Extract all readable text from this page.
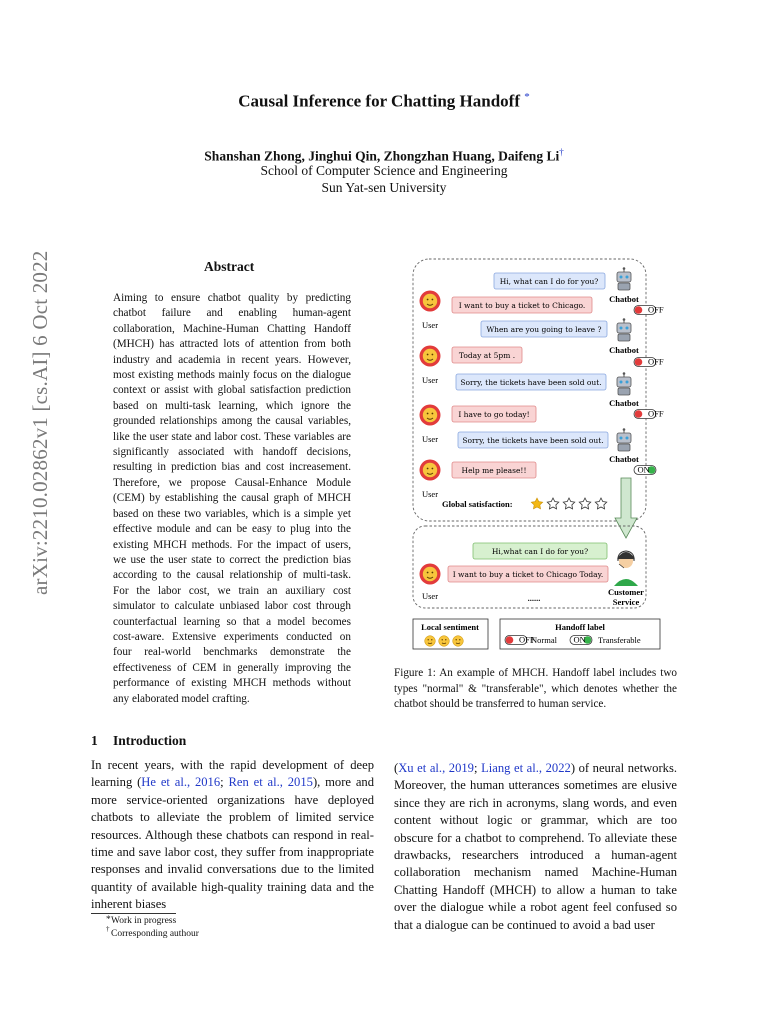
arXiv:2210.02862v1 [cs.AI] 6 Oct 2022
Causal Inference for Chatting Handoff *
Shanshan Zhong, Jinghui Qin, Zhongzhan Huang, Daifeng Li†
School of Computer Science and Engineering
Sun Yat-sen University
Abstract
Aiming to ensure chatbot quality by predicting chatbot failure and enabling human-agent collaboration, Machine-Human Chatting Handoff (MHCH) has attracted lots of attention from both industry and academia in recent years. However, most existing methods mainly focus on the dialogue context or assist with global satisfaction prediction based on multi-task learning, which ignore the grounded relationships among the causal variables, like the user state and labor cost. These variables are significantly associated with handoff decisions, resulting in prediction bias and cost increasement. Therefore, we propose Causal-Enhance Module (CEM) by establishing the causal graph of MHCH based on these two variables, which is a simple yet effective module and can be easy to plug into the existing MHCH methods. For the impact of users, we use the user state to correct the prediction bias according to the causal relationship of multi-task. For the labor cost, we train an auxiliary cost simulator to calculate unbiased labor cost through counterfactual learning so that a model becomes cost-aware. Extensive experiments conducted on four real-world benchmarks demonstrate the effectiveness of CEM in generally improving the performance of existing MHCH methods without any elaborated model crafting.
1 Introduction
In recent years, with the rapid development of deep learning (He et al., 2016; Ren et al., 2015), more and more service-oriented organizations have deployed chatbots to alleviate the problem of limited service resources. Although these chatbots can respond in real-time and save labor cost, they suffer from inappropriate responses and invalid conversations due to the limited quantity of available high-quality training data and the inherent biases
* Work in progress
† Corresponding authour
(Xu et al., 2019; Liang et al., 2022) of neural networks. Moreover, the human utterances sometimes are elusive since they are rich in acronyms, slang words, and even content without logic or grammar, which are too obscure for a chatbot to comprehend. To alleviate these drawbacks, researchers introduced a human-agent collaboration mechanism named Machine-Human Chatting Handoff (MHCH) to allow a human to take over the dialogue while a robot agent feel confused so that a dialogue can be continued to avoid a bad user
Figure 1: An example of MHCH. Handoff label includes two types "normal" & "transferable", which denotes whether the chatbot should be transferred to human service.
Hi, what can I do for you?
Chatbot
OFF
User
I want to buy a ticket to Chicago.
When are you going to leave ?
Chatbot
OFF
User
Today at 5pm .
Sorry, the tickets have been sold out.
Chatbot
OFF
User
I have to go today!
Sorry, the tickets have been sold out.
Chatbot
ON
User
Help me please!!
Global satisfaction:
Hi,what can I do for you?
User
I want to buy a ticket to Chicago Today.
......
Customer
Service
Local sentiment	Handoff label
OFF
Normal ON Transferable
